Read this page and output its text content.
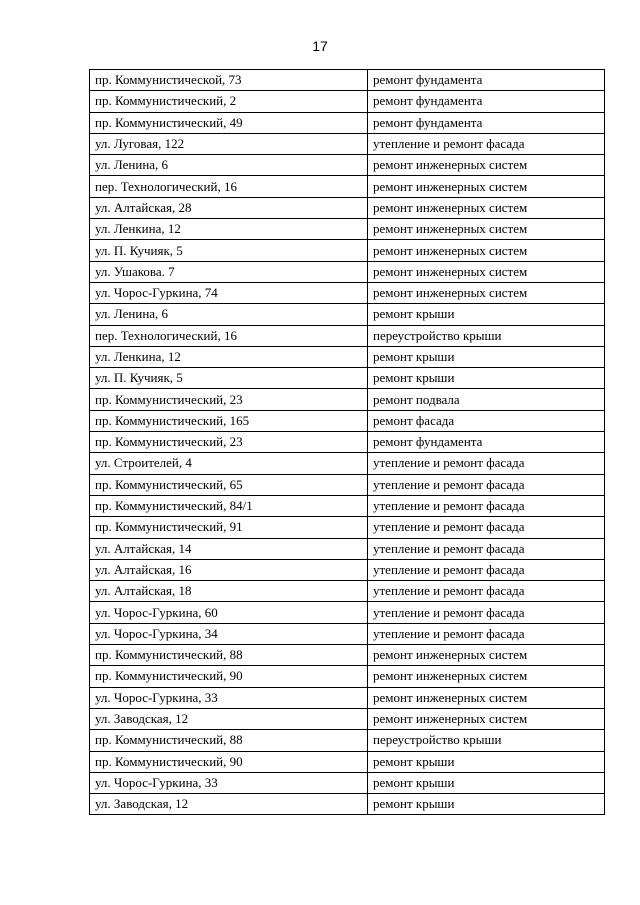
17
пр. Коммунистической, 73	ремонт фундамента
пр. Коммунистический, 2	ремонт фундамента
пр. Коммунистический, 49	ремонт фундамента
ул. Луговая, 122	утепление и ремонт фасада
ул. Ленина, 6	ремонт инженерных систем
пер. Технологический, 16	ремонт инженерных систем
ул. Алтайская, 28	ремонт инженерных систем
ул. Ленкина, 12	ремонт инженерных систем
ул. П. Кучияк, 5	ремонт инженерных систем
ул. Ушакова. 7	ремонт инженерных систем
ул. Чорос-Гуркина, 74	ремонт инженерных систем
ул. Ленина, 6	ремонт крыши
пер. Технологический, 16	переустройство крыши
ул. Ленкина, 12	ремонт крыши
ул. П. Кучияк, 5	ремонт крыши
пр. Коммунистический, 23	ремонт подвала
пр. Коммунистический, 165	ремонт фасада
пр. Коммунистический, 23	ремонт фундамента
ул. Строителей, 4	утепление и ремонт фасада
пр. Коммунистический, 65	утепление и ремонт фасада
пр. Коммунистический, 84/1	утепление и ремонт фасада
пр. Коммунистический, 91	утепление и ремонт фасада
ул. Алтайская, 14	утепление и ремонт фасада
ул. Алтайская, 16	утепление и ремонт фасада
ул. Алтайская, 18	утепление и ремонт фасада
ул. Чорос-Гуркина, 60	утепление и ремонт фасада
ул. Чорос-Гуркина, 34	утепление и ремонт фасада
пр. Коммунистический, 88	ремонт инженерных систем
пр. Коммунистический, 90	ремонт инженерных систем
ул. Чорос-Гуркина, 33	ремонт инженерных систем
ул. Заводская, 12	ремонт инженерных систем
пр. Коммунистический, 88	переустройство крыши
пр. Коммунистический, 90	ремонт крыши
ул. Чорос-Гуркина, 33	ремонт крыши
ул. Заводская, 12	ремонт крыши
